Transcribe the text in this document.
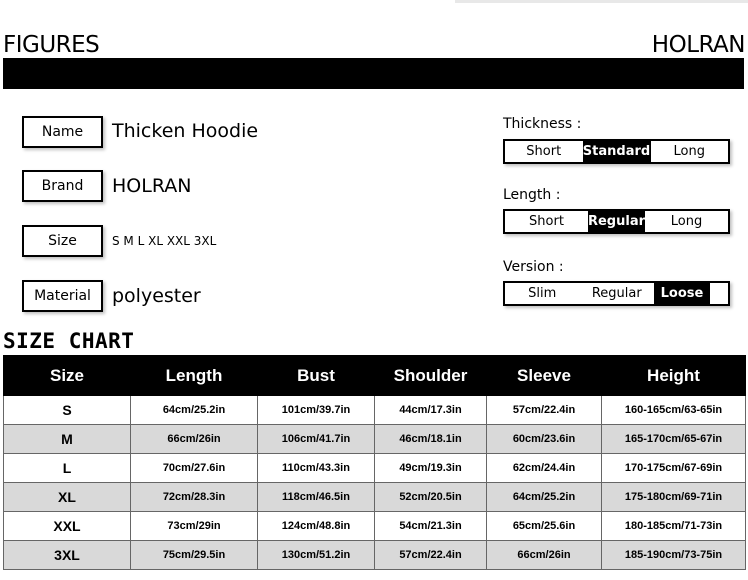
FIGURES	HOLRAN
Name	Thicken Hoodie
Brand	HOLRAN
Size	S M L XL XXL 3XL
Material	polyester
Thickness :
Short	Standard	Long
Length :
Short	Regular	Long
Version :
Slim	Regular	Loose
SIZE CHART
Size	Length	Bust	Shoulder	Sleeve	Height
S	64cm/25.2in	101cm/39.7in	44cm/17.3in	57cm/22.4in	160-165cm/63-65in
M	66cm/26in	106cm/41.7in	46cm/18.1in	60cm/23.6in	165-170cm/65-67in
L	70cm/27.6in	110cm/43.3in	49cm/19.3in	62cm/24.4in	170-175cm/67-69in
XL	72cm/28.3in	118cm/46.5in	52cm/20.5in	64cm/25.2in	175-180cm/69-71in
XXL	73cm/29in	124cm/48.8in	54cm/21.3in	65cm/25.6in	180-185cm/71-73in
3XL	75cm/29.5in	130cm/51.2in	57cm/22.4in	66cm/26in	185-190cm/73-75in
